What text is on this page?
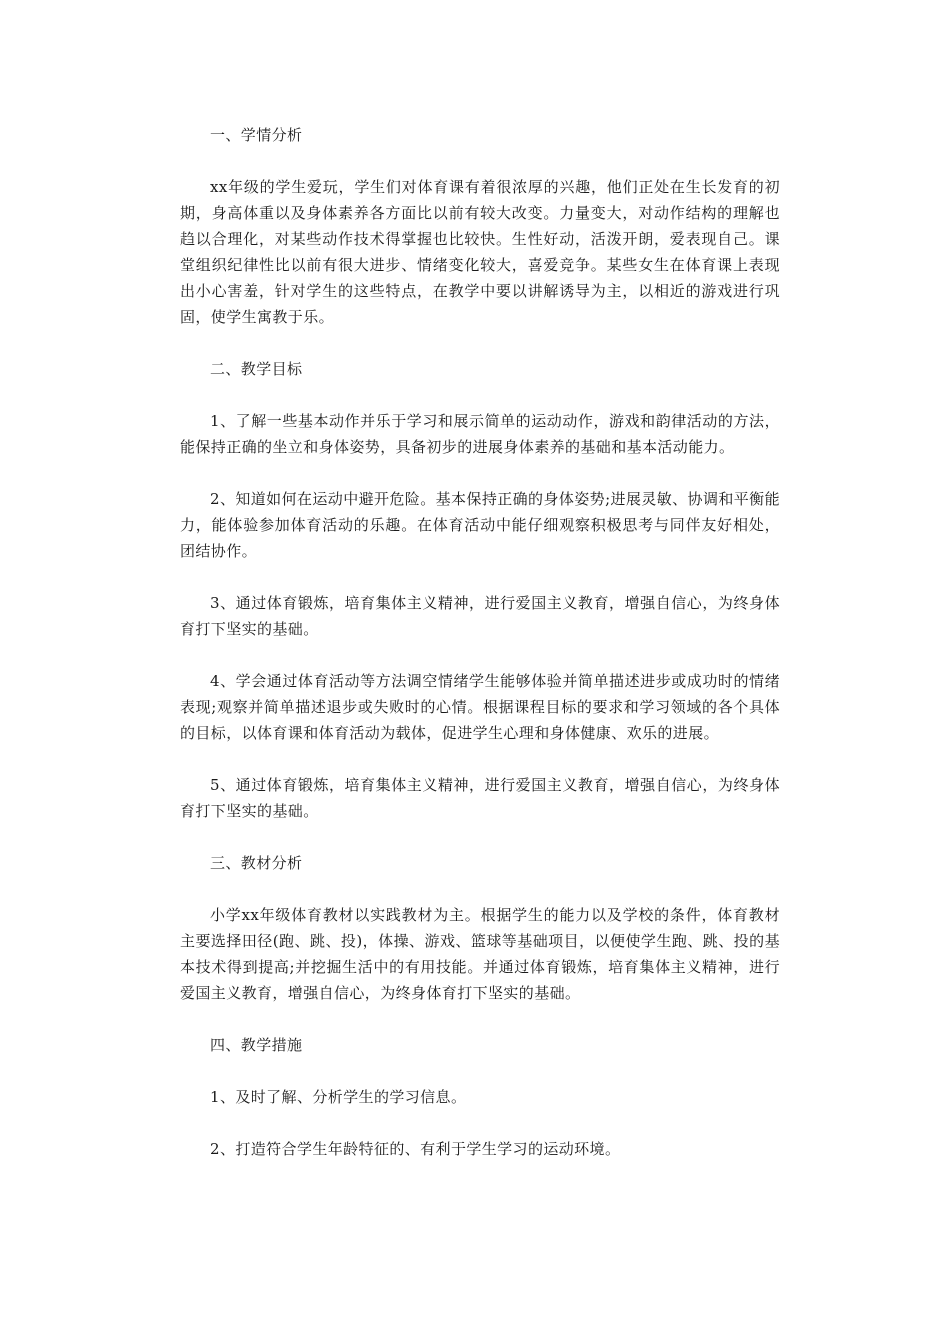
一、学情分析

xx年级的学生爱玩，学生们对体育课有着很浓厚的兴趣，他们正处在生长发育的初期，身高体重以及身体素养各方面比以前有较大改变。力量变大，对动作结构的理解也趋以合理化，对某些动作技术得掌握也比较快。生性好动，活泼开朗，爱表现自己。课堂组织纪律性比以前有很大进步、情绪变化较大，喜爱竞争。某些女生在体育课上表现出小心害羞，针对学生的这些特点，在教学中要以讲解诱导为主，以相近的游戏进行巩固，使学生寓教于乐。

二、教学目标

1、了解一些基本动作并乐于学习和展示简单的运动动作，游戏和韵律活动的方法，能保持正确的坐立和身体姿势，具备初步的进展身体素养的基础和基本活动能力。

2、知道如何在运动中避开危险。基本保持正确的身体姿势;进展灵敏、协调和平衡能力，能体验参加体育活动的乐趣。在体育活动中能仔细观察积极思考与同伴友好相处，团结协作。

3、通过体育锻炼，培育集体主义精神，进行爱国主义教育，增强自信心，为终身体育打下坚实的基础。

4、学会通过体育活动等方法调空情绪学生能够体验并简单描述进步或成功时的情绪表现;观察并简单描述退步或失败时的心情。根据课程目标的要求和学习领域的各个具体的目标，以体育课和体育活动为载体，促进学生心理和身体健康、欢乐的进展。

5、通过体育锻炼，培育集体主义精神，进行爱国主义教育，增强自信心，为终身体育打下坚实的基础。

三、教材分析

小学xx年级体育教材以实践教材为主。根据学生的能力以及学校的条件，体育教材主要选择田径(跑、跳、投)，体操、游戏、篮球等基础项目，以便使学生跑、跳、投的基本技术得到提高;并挖掘生活中的有用技能。并通过体育锻炼，培育集体主义精神，进行爱国主义教育，增强自信心，为终身体育打下坚实的基础。

四、教学措施

1、及时了解、分析学生的学习信息。

2、打造符合学生年龄特征的、有利于学生学习的运动环境。
